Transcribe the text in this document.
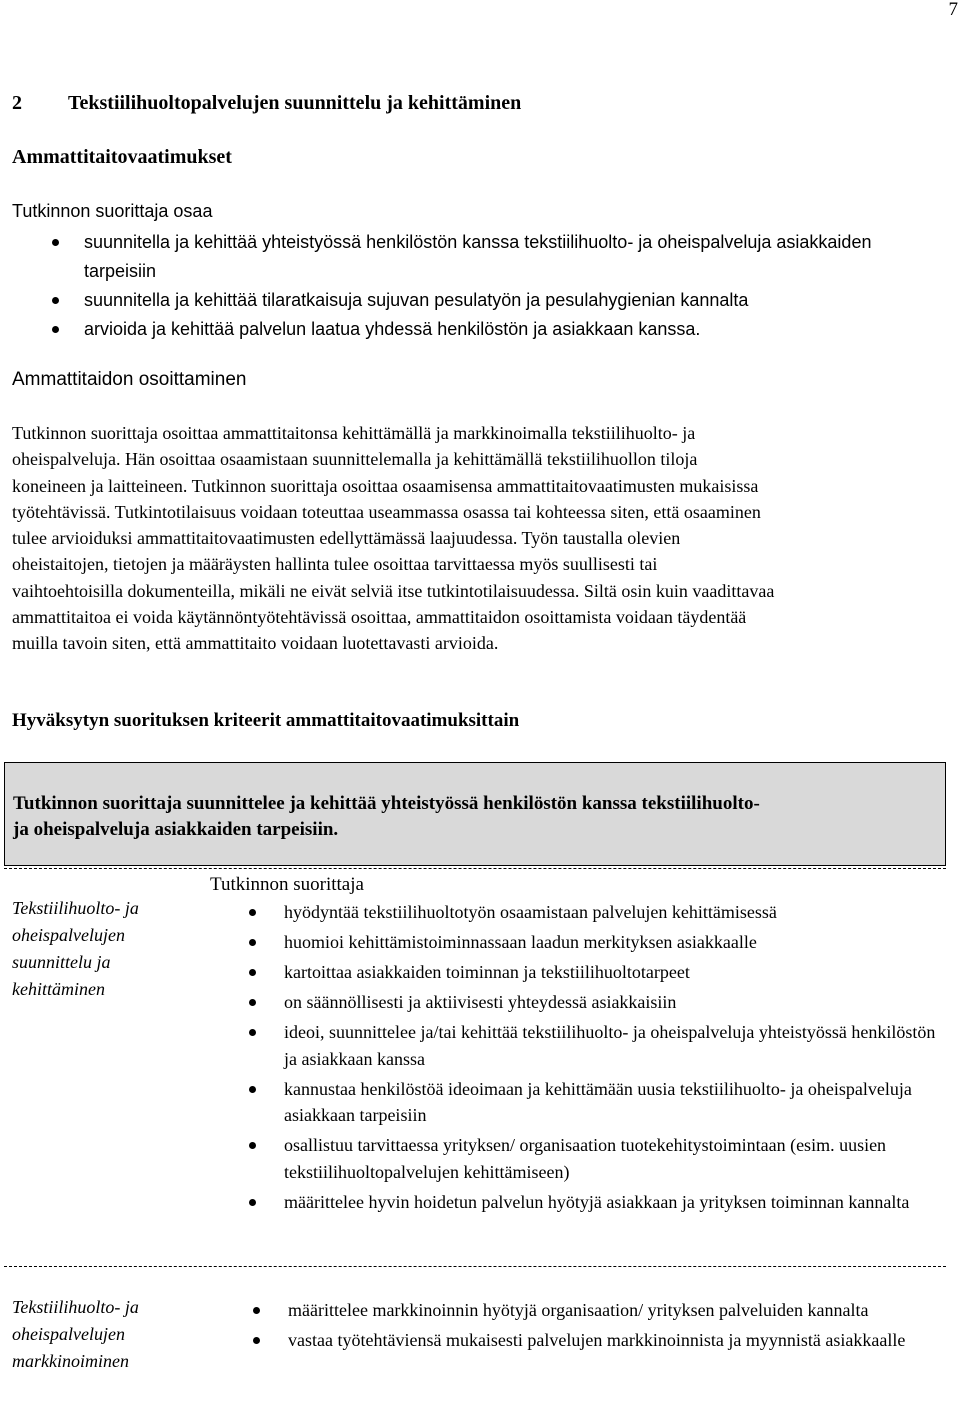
7
2 Tekstiilihuoltopalvelujen suunnittelu ja kehittäminen
Ammattitaitovaatimukset
Tutkinnon suorittaja osaa
suunnitella ja kehittää yhteistyössä henkilöstön kanssa tekstiilihuolto- ja oheispalveluja asiakkaiden tarpeisiin
suunnitella ja kehittää tilaratkaisuja sujuvan pesulatyön ja pesulahygienian kannalta
arvioida ja kehittää palvelun laatua yhdessä henkilöstön ja asiakkaan kanssa.
Ammattitaidon osoittaminen
Tutkinnon suorittaja osoittaa ammattitaitonsa kehittämällä ja markkinoimalla tekstiilihuolto- ja
oheispalveluja. Hän osoittaa osaamistaan suunnittelemalla ja kehittämällä tekstiilihuollon tiloja
koneineen ja laitteineen. Tutkinnon suorittaja osoittaa osaamisensa ammattitaitovaatimusten mukaisissa
työtehtävissä. Tutkintotilaisuus voidaan toteuttaa useammassa osassa tai kohteessa siten, että osaaminen
tulee arvioiduksi ammattitaitovaatimusten edellyttämässä laajuudessa. Työn taustalla olevien
oheistaitojen, tietojen ja määräysten hallinta tulee osoittaa tarvittaessa myös suullisesti tai
vaihtoehtoisilla dokumenteilla, mikäli ne eivät selviä itse tutkintotilaisuudessa. Siltä osin kuin vaadittavaa
ammattitaitoa ei voida käytännöntyötehtävissä osoittaa, ammattitaidon osoittamista voidaan täydentää
muilla tavoin siten, että ammattitaito voidaan luotettavasti arvioida.
Hyväksytyn suorituksen kriteerit ammattitaitovaatimuksittain
Tutkinnon suorittaja suunnittelee ja kehittää yhteistyössä henkilöstön kanssa tekstiilihuolto-
ja oheispalveluja asiakkaiden tarpeisiin.
Tekstiilihuolto- ja
oheispalvelujen
suunnittelu ja
kehittäminen
Tutkinnon suorittaja
hyödyntää tekstiilihuoltotyön osaamistaan palvelujen kehittämisessä
huomioi kehittämistoiminnassaan laadun merkityksen asiakkaalle
kartoittaa asiakkaiden toiminnan ja tekstiilihuoltotarpeet
on säännöllisesti ja aktiivisesti yhteydessä asiakkaisiin
ideoi, suunnittelee ja/tai kehittää tekstiilihuolto- ja oheispalveluja yhteistyössä henkilöstön ja asiakkaan kanssa
kannustaa henkilöstöä ideoimaan ja kehittämään uusia tekstiilihuolto- ja oheispalveluja asiakkaan tarpeisiin
osallistuu tarvittaessa yrityksen/ organisaation tuotekehitystoimintaan (esim. uusien tekstiilihuoltopalvelujen kehittämiseen)
määrittelee hyvin hoidetun palvelun hyötyjä asiakkaan ja yrityksen toiminnan kannalta
Tekstiilihuolto- ja
oheispalvelujen
markkinoiminen
määrittelee markkinoinnin hyötyjä organisaation/ yrityksen palveluiden kannalta
vastaa työtehtäviensä mukaisesti palvelujen markkinoinnista ja myynnistä asiakkaalle
